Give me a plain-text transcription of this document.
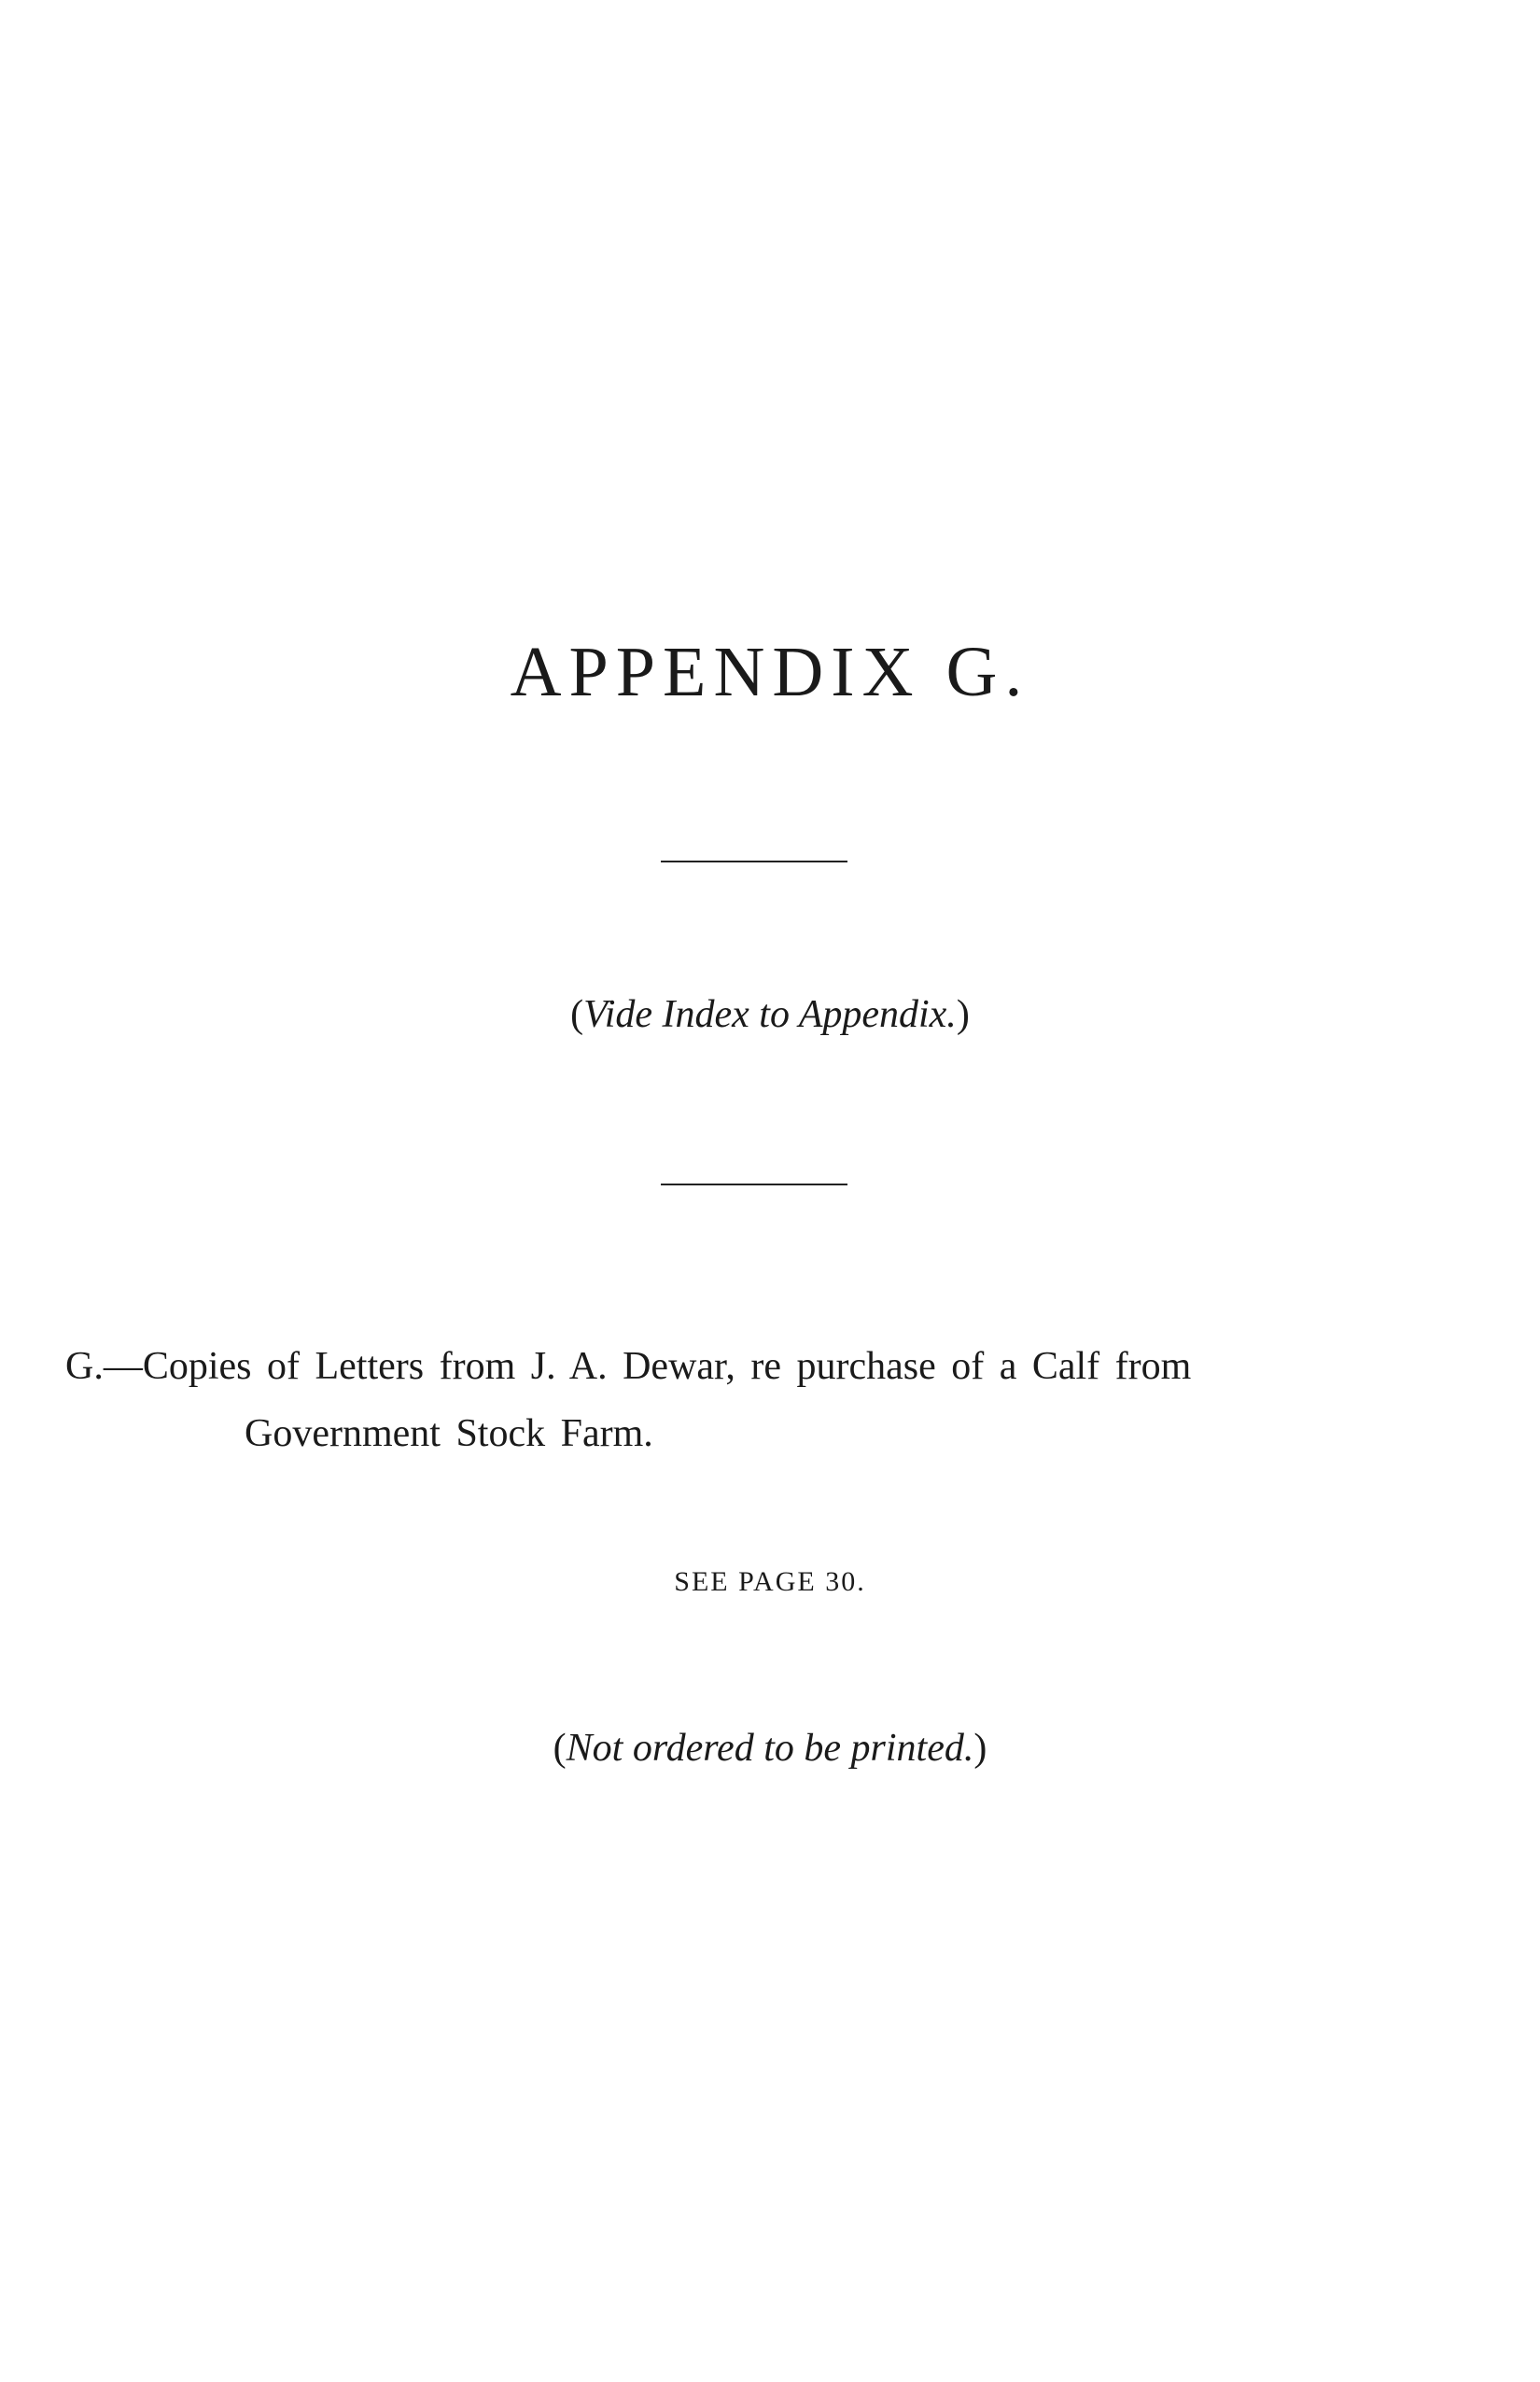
APPENDIX G.
(Vide Index to Appendix.)
G.—Copies of Letters from J. A. Dewar, re purchase of a Calf from
Government Stock Farm.
SEE PAGE 30.
(Not ordered to be printed.)
